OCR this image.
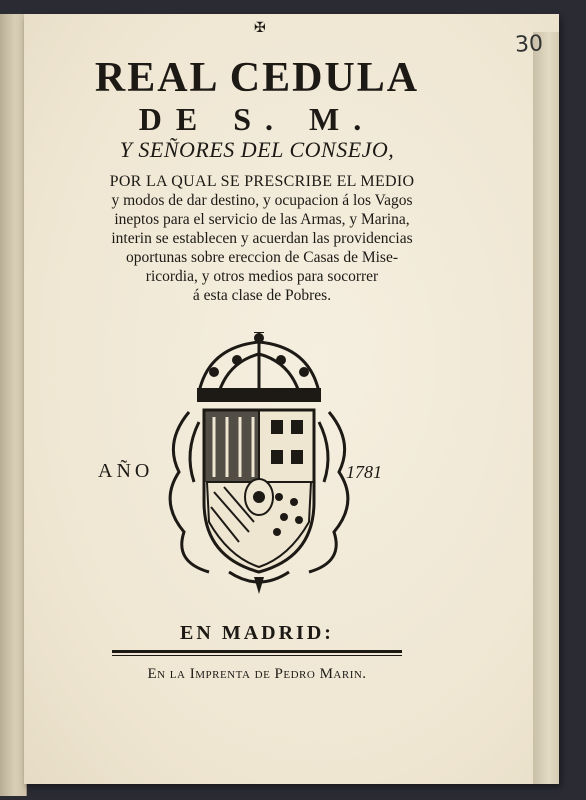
✠
30
REAL CEDULA
DE S. M.
Y SEÑORES DEL CONSEJO,
POR LA QUAL SE PRESCRIBE EL MEDIO
y modos de dar destino, y ocupacion á los Vagos
ineptos para el servicio de las Armas, y Marina,
interin se establecen y acuerdan las providencias
oportunas sobre ereccion de Casas de Mise-
ricordia, y otros medios para socorrer
á esta clase de Pobres.
AÑO	1781
EN MADRID:
En la Imprenta de Pedro Marin.
